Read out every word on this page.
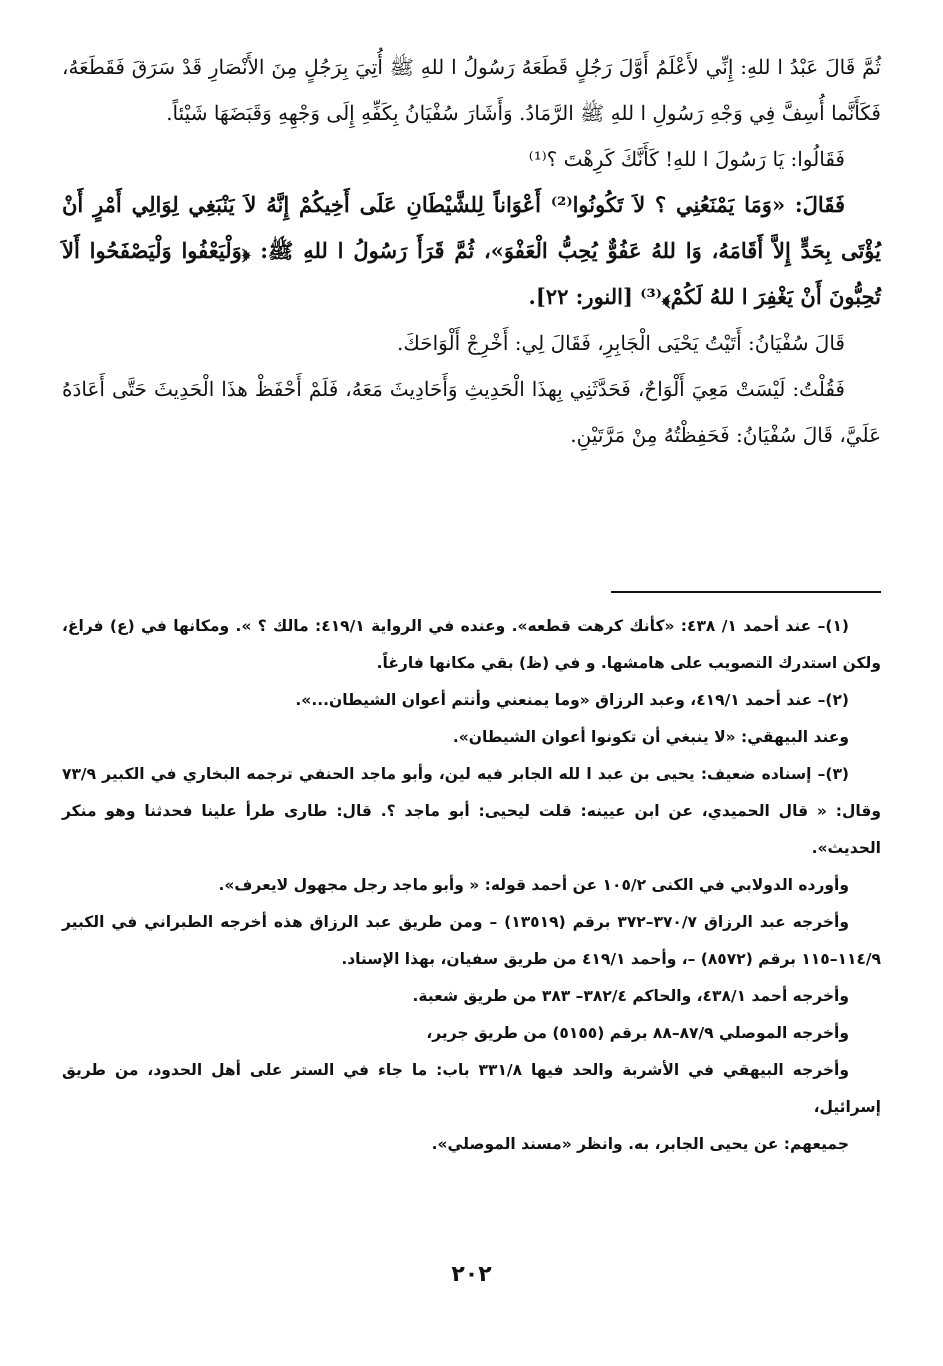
ثُمَّ قَالَ عَبْدُ ا للهِ: إِنِّي لأَعْلَمُ أَوَّلَ رَجُلٍ قَطَعَهُ رَسُولُ ا للهِ ﷺ أُتِيَ بِرَجُلٍ مِنَ الأَنْصَارِ قَدْ سَرَقَ فَقَطَعَهُ، فَكَأَنَّما أُسِفَّ فِي وَجْهِ رَسُولِ ا للهِ ﷺ الرَّمَادُ. وَأَشَارَ سُفْيَانُ بِكَفِّهِ إِلَى وَجْهِهِ وَقَبَضَهَا شَيْئاً.

فَقَالُوا: يَا رَسُولَ ا للهِ! كَأَنَّكَ كَرِهْتَ ؟⁽¹⁾

فَقَالَ: «وَمَا يَمْنَعُنِي ؟ لاَ تَكُونُوا⁽²⁾ أَعْوَاناً لِلشَّيْطَانِ عَلَى أَخِيكُمْ إِنَّهُ لاَ يَنْبَغِي لِوَالِي أَمْرٍ أَنْ يُؤْتَى بِحَدٍّ إِلاَّ أَقَامَهُ، وَا للهُ عَفُوٌّ يُحِبُّ الْعَفْوَ»، ثُمَّ قَرَأَ رَسُولُ ا للهِ ﷺ: ﴿وَلْيَعْفُوا وَلْيَصْفَحُوا أَلاَ تُحِبُّونَ أَنْ يَغْفِرَ ا للهُ لَكُمْ﴾⁽³⁾ [النور: ٢٢].

قَالَ سُفْيَانُ: أَتَيْتُ يَحْيَى الْجَابِرِ، فَقَالَ لِي: أَخْرِجْ أَلْوَاحَكَ.

فَقُلْتُ: لَيْسَتْ مَعِيَ أَلْوَاحٌ، فَحَدَّثَنِي بِهذَا الْحَدِيثِ وَأَحَادِيثَ مَعَهُ، فَلَمْ أَحْفَظْ هذَا الْحَدِيثَ حَتَّى أَعَادَهُ عَلَيَّ، قَالَ سُفْيَانُ: فَحَفِظْتُهُ مِنْ مَرَّتَيْنِ.

(١)– عند أحمد ١/ ٤٣٨: «كأنك كرهت قطعه». وعنده في الرواية ٤١٩/١: مالك ؟ ». ومكانها في (ع) فراغ، ولكن استدرك التصويب على هامشها. و في (ظ) بقي مكانها فارغاً.

(٢)– عند أحمد ٤١٩/١، وعبد الرزاق «وما يمنعني وأنتم أعوان الشيطان...».

وعند البيهقي: «لا ينبغي أن تكونوا أعوان الشيطان».

(٣)– إسناده ضعيف: يحيى بن عبد ا لله الجابر فيه لين، وأبو ماجد الحنفي ترجمه البخاري في الكبير ٧٣/٩ وقال: « قال الحميدي، عن ابن عيينه: قلت ليحيى: أبو ماجد ؟. قال: طارى طرأ علينا فحدثنا وهو منكر الحديث».

وأورده الدولابي في الكنى ١٠٥/٢ عن أحمد قوله: « وأبو ماجد رجل مجهول لايعرف».

وأخرجه عبد الرزاق ٣٧٠/٧–٣٧٢ برقم (١٣٥١٩) – ومن طريق عبد الرزاق هذه أخرجه الطبراني في الكبير ١١٤/٩–١١٥ برقم (٨٥٧٢) –، وأحمد ٤١٩/١ من طريق سفيان، بهذا الإسناد.

وأخرجه أحمد ٤٣٨/١، والحاكم ٣٨٢/٤– ٣٨٣ من طريق شعبة.

وأخرجه الموصلي ٨٧/٩–٨٨ برقم (٥١٥٥) من طريق جرير،

وأخرجه البيهقي في الأشربة والحد فيها ٣٣١/٨ باب: ما جاء في الستر على أهل الحدود، من طريق إسرائيل،

جميعهم: عن يحيى الجابر، به. وانظر «مسند الموصلي».

٢٠٢
